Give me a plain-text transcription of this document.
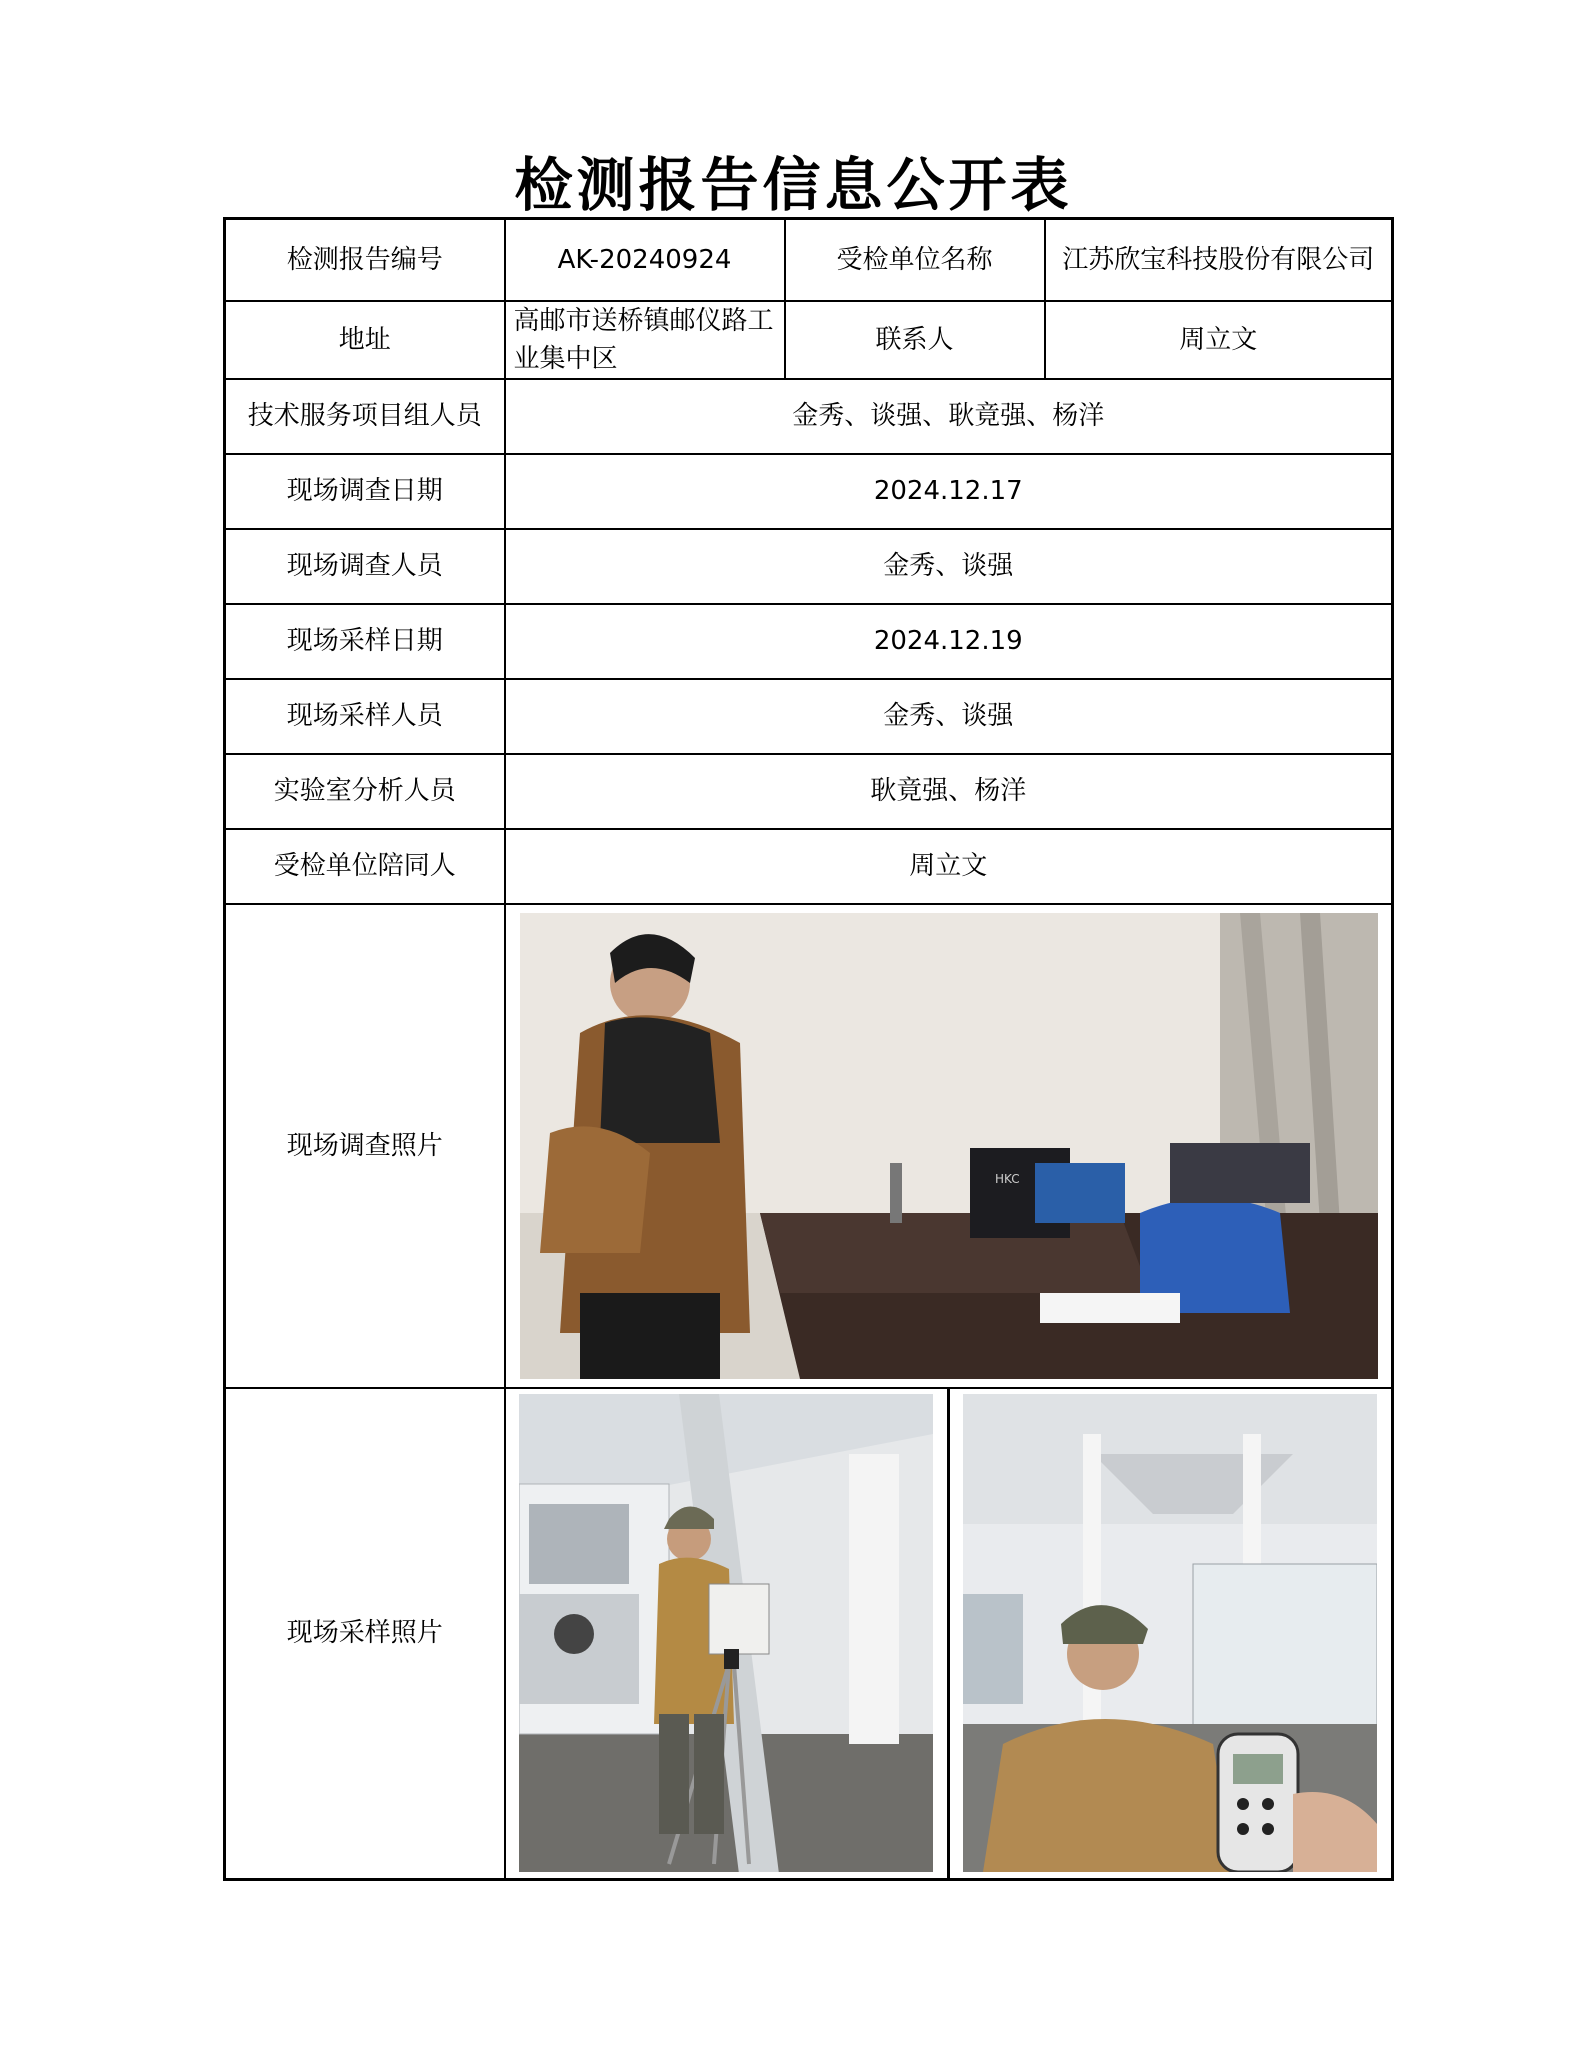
检测报告信息公开表
检测报告编号	AK-20240924	受检单位名称	江苏欣宝科技股份有限公司
地址	高邮市送桥镇邮仪路工业集中区	联系人	周立文
技术服务项目组人员	金秀、谈强、耿竟强、杨洋		
现场调查日期	2024.12.17		
现场调查人员	金秀、谈强		
现场采样日期	2024.12.19		
现场采样人员	金秀、谈强		
实验室分析人员	耿竟强、杨洋		
受检单位陪同人	周立文		
现场调查照片	HKC		

现场采样照片	
